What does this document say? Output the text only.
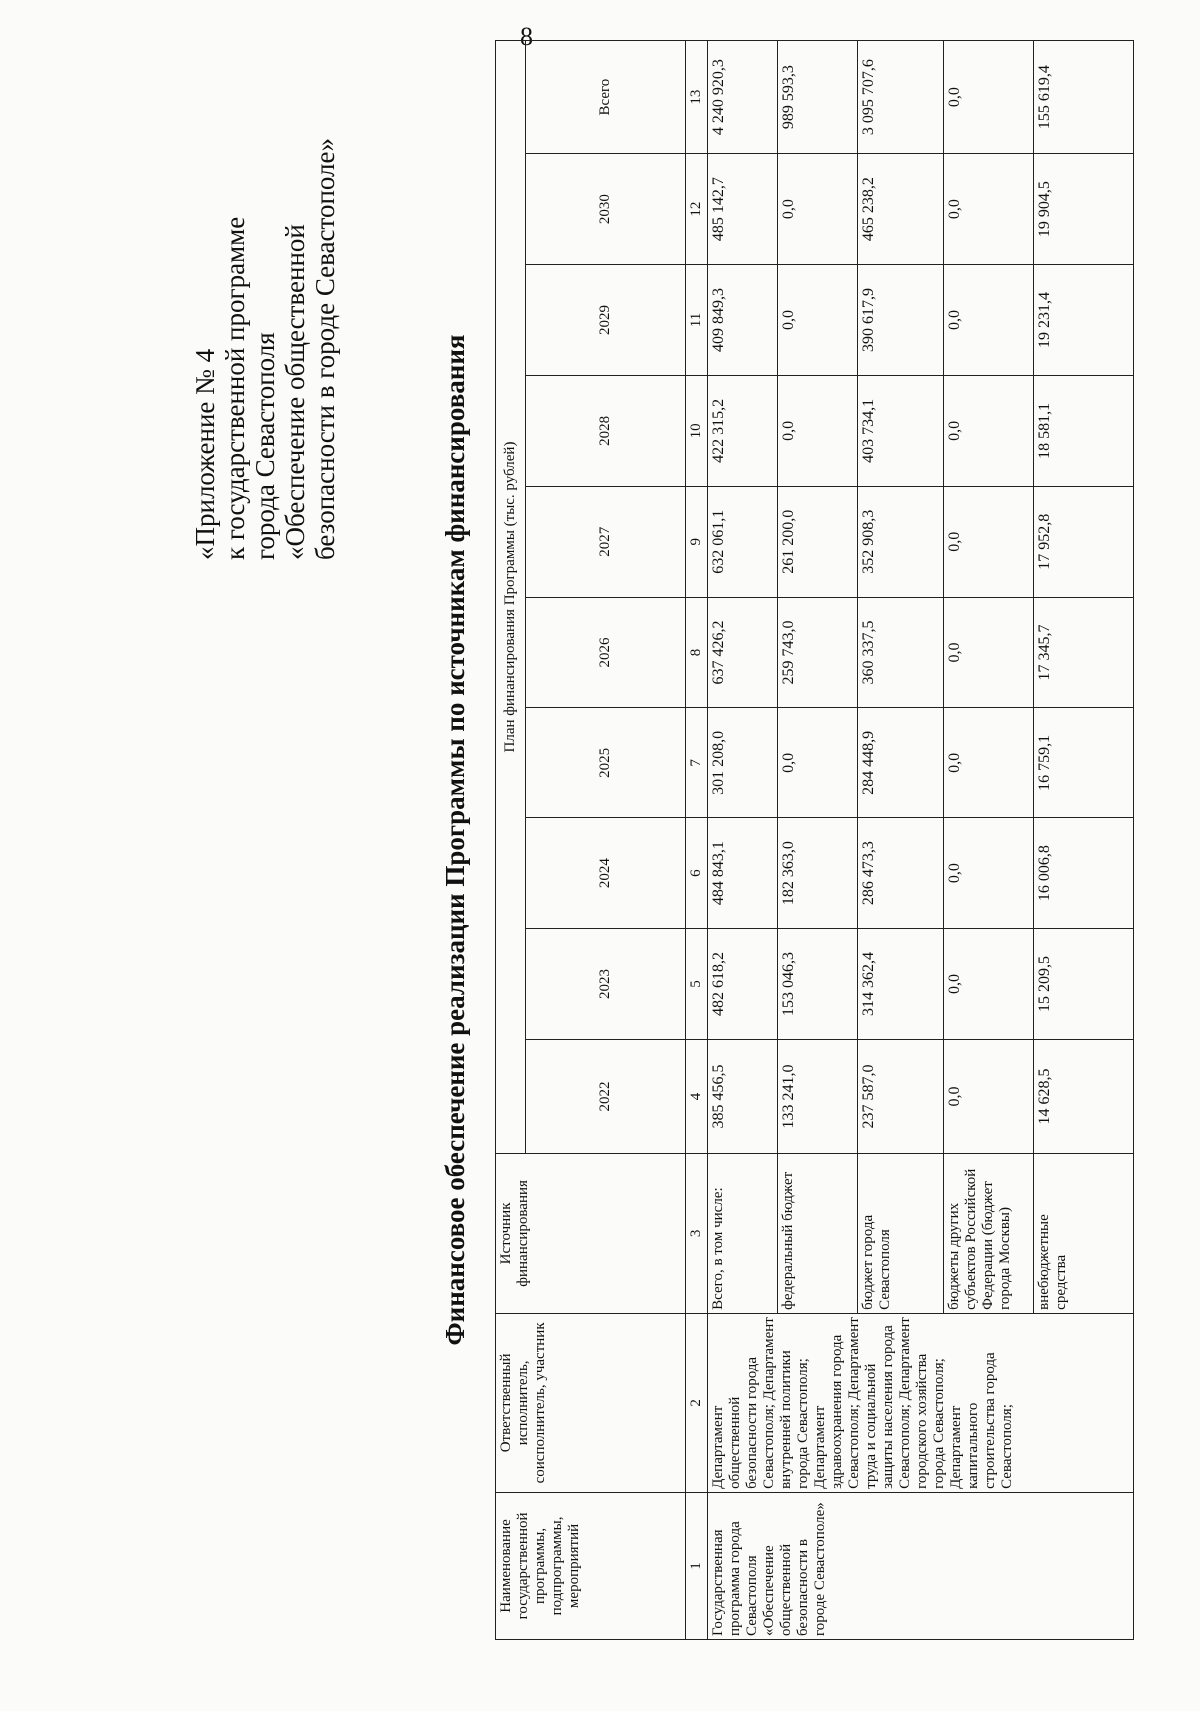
8
«Приложение № 4 к государственной программе города Севастополя «Обеспечение общественной безопасности в городе Севастополе»	Финансовое обеспечение реализации Программы по источникам финансирования
Наименование государственной программы, подпрограммы, мероприятий	Ответственный исполнитель, соисполнитель, участник	Источник финансирования	План финансирования Программы (тыс. рублей)									
			2022	2023	2024	2025	2026	2027	2028	2029	2030	Всего
1	2	3	4	5	6	7	8	9	10	11	12	13
Государственная программа города Севастополя «Обеспечение общественной безопасности в городе Севастополе»	Департамент общественной безопасности города Севастополя; Департамент внутренней политики города Севастополя; Департамент здравоохранения города Севастополя; Департамент труда и социальной защиты населения города Севастополя; Департамент городского хозяйства города Севастополя; Департамент капитального строительства города Севастополя;	Всего, в том числе:	385 456,5	482 618,2	484 843,1	301 208,0	637 426,2	632 061,1	422 315,2	409 849,3	485 142,7	4 240 920,3
		федеральный бюджет	133 241,0	153 046,3	182 363,0	0,0	259 743,0	261 200,0	0,0	0,0	0,0	989 593,3
		бюджет города Севастополя	237 587,0	314 362,4	286 473,3	284 448,9	360 337,5	352 908,3	403 734,1	390 617,9	465 238,2	3 095 707,6
		бюджеты других субъектов Российской Федерации (бюджет города Москвы)	0,0	0,0	0,0	0,0	0,0	0,0	0,0	0,0	0,0	0,0
		внебюджетные средства	14 628,5	15 209,5	16 006,8	16 759,1	17 345,7	17 952,8	18 581,1	19 231,4	19 904,5	155 619,4
